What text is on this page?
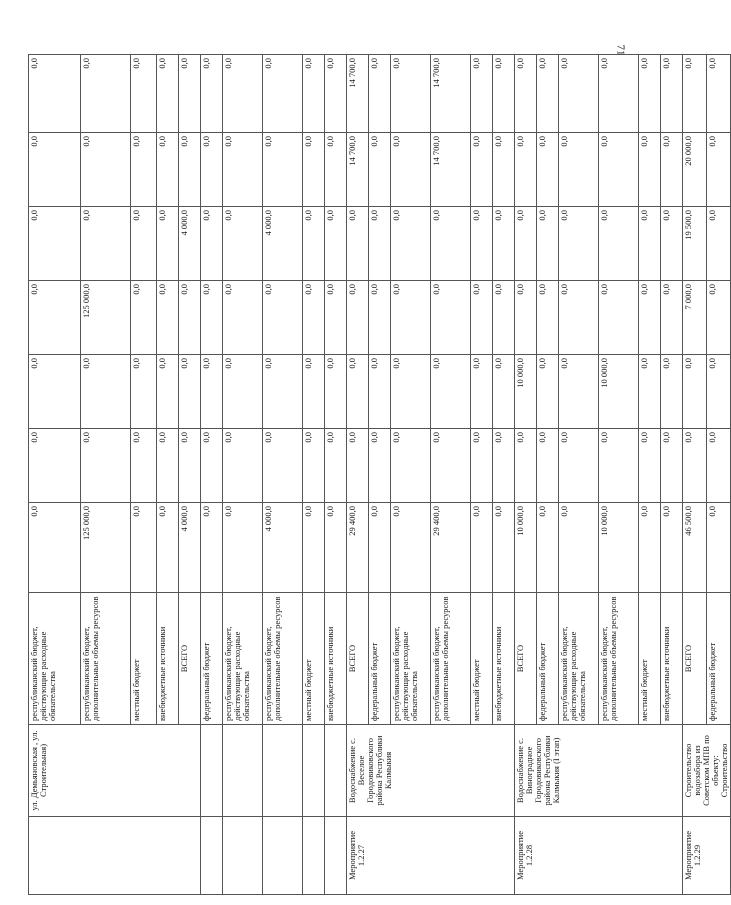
71
	ул. Демьяновская , ул. Строительная)	республиканский бюджет, действующие расходные обязательства	0,0	0,0	0,0	0,0	0,0	0,0	0,0
		республиканский бюджет, дополнительные объемы ресурсов	125 000,0	0,0	0,0	125 000,0	0,0	0,0	0,0
		местный бюджет	0,0	0,0	0,0	0,0	0,0	0,0	0,0
		внебюджетные источники	0,0	0,0	0,0	0,0	0,0	0,0	0,0
		ВСЕГО	4 000,0	0,0	0,0	0,0	4 000,0	0,0	0,0
		федеральный бюджет	0,0	0,0	0,0	0,0	0,0	0,0	0,0
		республиканский бюджет, действующие расходные обязательства	0,0	0,0	0,0	0,0	0,0	0,0	0,0
		республиканский бюджет, дополнительные объемы ресурсов	4 000,0	0,0	0,0	0,0	4 000,0	0,0	0,0
		местный бюджет	0,0	0,0	0,0	0,0	0,0	0,0	0,0
		внебюджетные источники	0,0	0,0	0,0	0,0	0,0	0,0	0,0
Мероприятие 1.2.27	Водоснабжение с. Веселое Городовиковского района Республики Калмыкия	ВСЕГО	29 400,0	0,0	0,0	0,0	0,0	14 700,0	14 700,0
		федеральный бюджет	0,0	0,0	0,0	0,0	0,0	0,0	0,0
		республиканский бюджет, действующие расходные обязательства	0,0	0,0	0,0	0,0	0,0	0,0	0,0
		республиканский бюджет, дополнительные объемы ресурсов	29 400,0	0,0	0,0	0,0	0,0	14 700,0	14 700,0
		местный бюджет	0,0	0,0	0,0	0,0	0,0	0,0	0,0
		внебюджетные источники	0,0	0,0	0,0	0,0	0,0	0,0	0,0
Мероприятие 1.2.28	Водоснабжение с. Виноградное Городовиковского района Республики Калмыкия (I этап)	ВСЕГО	10 000,0	0,0	10 000,0	0,0	0,0	0,0	0,0
		федеральный бюджет	0,0	0,0	0,0	0,0	0,0	0,0	0,0
		республиканский бюджет, действующие расходные обязательства	0,0	0,0	0,0	0,0	0,0	0,0	0,0
		республиканский бюджет, дополнительные объемы ресурсов	10 000,0	0,0	10 000,0	0,0	0,0	0,0	0,0
		местный бюджет	0,0	0,0	0,0	0,0	0,0	0,0	0,0
		внебюджетные источники	0,0	0,0	0,0	0,0	0,0	0,0	0,0
Мероприятие 1.2.29	Строительство водозабора из Советском МПВ по объекту: Строительство	ВСЕГО	46 500,0	0,0	0,0	7 000,0	19 500,0	20 000,0	0,0
		федеральный бюджет	0,0	0,0	0,0	0,0	0,0	0,0	0,0
